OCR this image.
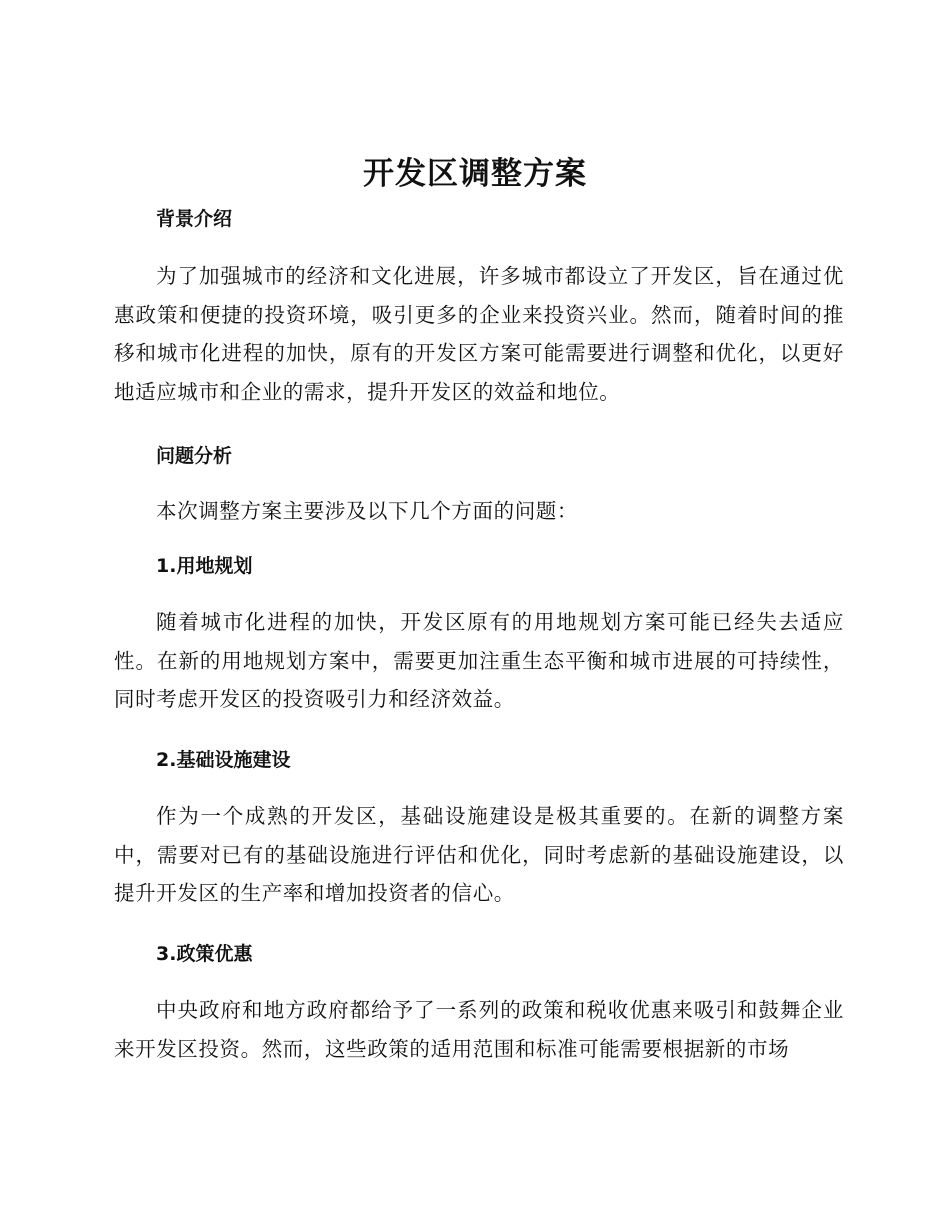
开发区调整方案
背景介绍

为了加强城市的经济和文化进展，许多城市都设立了开发区，旨在通过优惠政策和便捷的投资环境，吸引更多的企业来投资兴业。然而，随着时间的推移和城市化进程的加快，原有的开发区方案可能需要进行调整和优化，以更好地适应城市和企业的需求，提升开发区的效益和地位。

问题分析

本次调整方案主要涉及以下几个方面的问题：

1.用地规划

随着城市化进程的加快，开发区原有的用地规划方案可能已经失去适应性。在新的用地规划方案中，需要更加注重生态平衡和城市进展的可持续性，同时考虑开发区的投资吸引力和经济效益。

2.基础设施建设

作为一个成熟的开发区，基础设施建设是极其重要的。在新的调整方案中，需要对已有的基础设施进行评估和优化，同时考虑新的基础设施建设，以提升开发区的生产率和增加投资者的信心。

3.政策优惠

中央政府和地方政府都给予了一系列的政策和税收优惠来吸引和鼓舞企业来开发区投资。然而，这些政策的适用范围和标准可能需要根据新的市场
